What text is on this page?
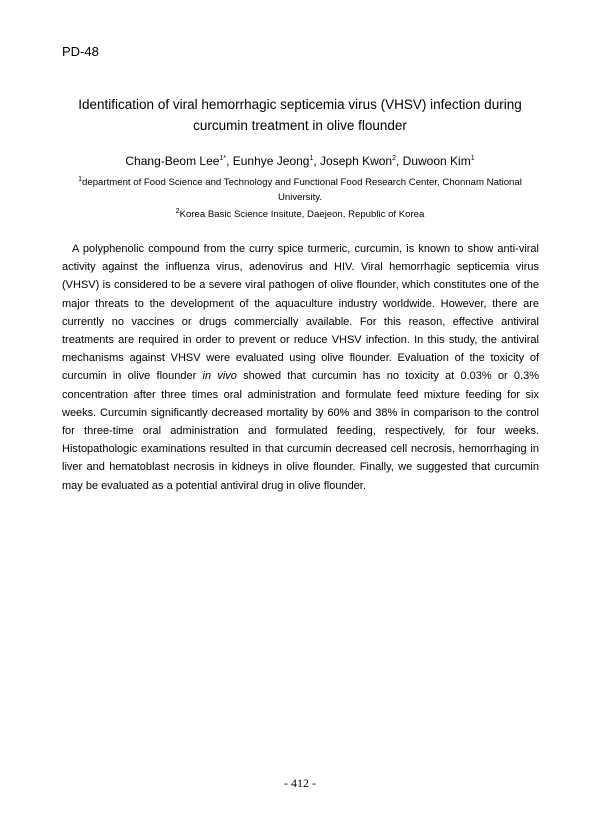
PD-48
Identification of viral hemorrhagic septicemia virus (VHSV) infection during curcumin treatment in olive flounder
Chang-Beom Lee$^{1*}$, Eunhye Jeong$^1$, Joseph Kwon$^2$, Duwoon Kim$^1$
$^1$department of Food Science and Technology and Functional Food Research Center, Chonnam National University.
$^2$Korea Basic Science Insitute, Daejeon, Republic of Korea

A polyphenolic compound from the curry spice turmeric, curcumin, is known to show anti-viral activity against the influenza virus, adenovirus and HIV. Viral hemorrhagic septicemia virus (VHSV) is considered to be a severe viral pathogen of olive flounder, which constitutes one of the major threats to the development of the aquaculture industry worldwide. However, there are currently no vaccines or drugs commercially available. For this reason, effective antiviral treatments are required in order to prevent or reduce VHSV infection. In this study, the antiviral mechanisms against VHSV were evaluated using olive flounder. Evaluation of the toxicity of curcumin in olive flounder in vivo showed that curcumin has no toxicity at 0.03% or 0.3% concentration after three times oral administration and formulate feed mixture feeding for six weeks. Curcumin significantly decreased mortality by 60% and 38% in comparison to the control for three-time oral administration and formulated feeding, respectively, for four weeks. Histopathologic examinations resulted in that curcumin decreased cell necrosis, hemorrhaging in liver and hematoblast necrosis in kidneys in olive flounder. Finally, we suggested that curcumin may be evaluated as a potential antiviral drug in olive flounder.

- 412 -
